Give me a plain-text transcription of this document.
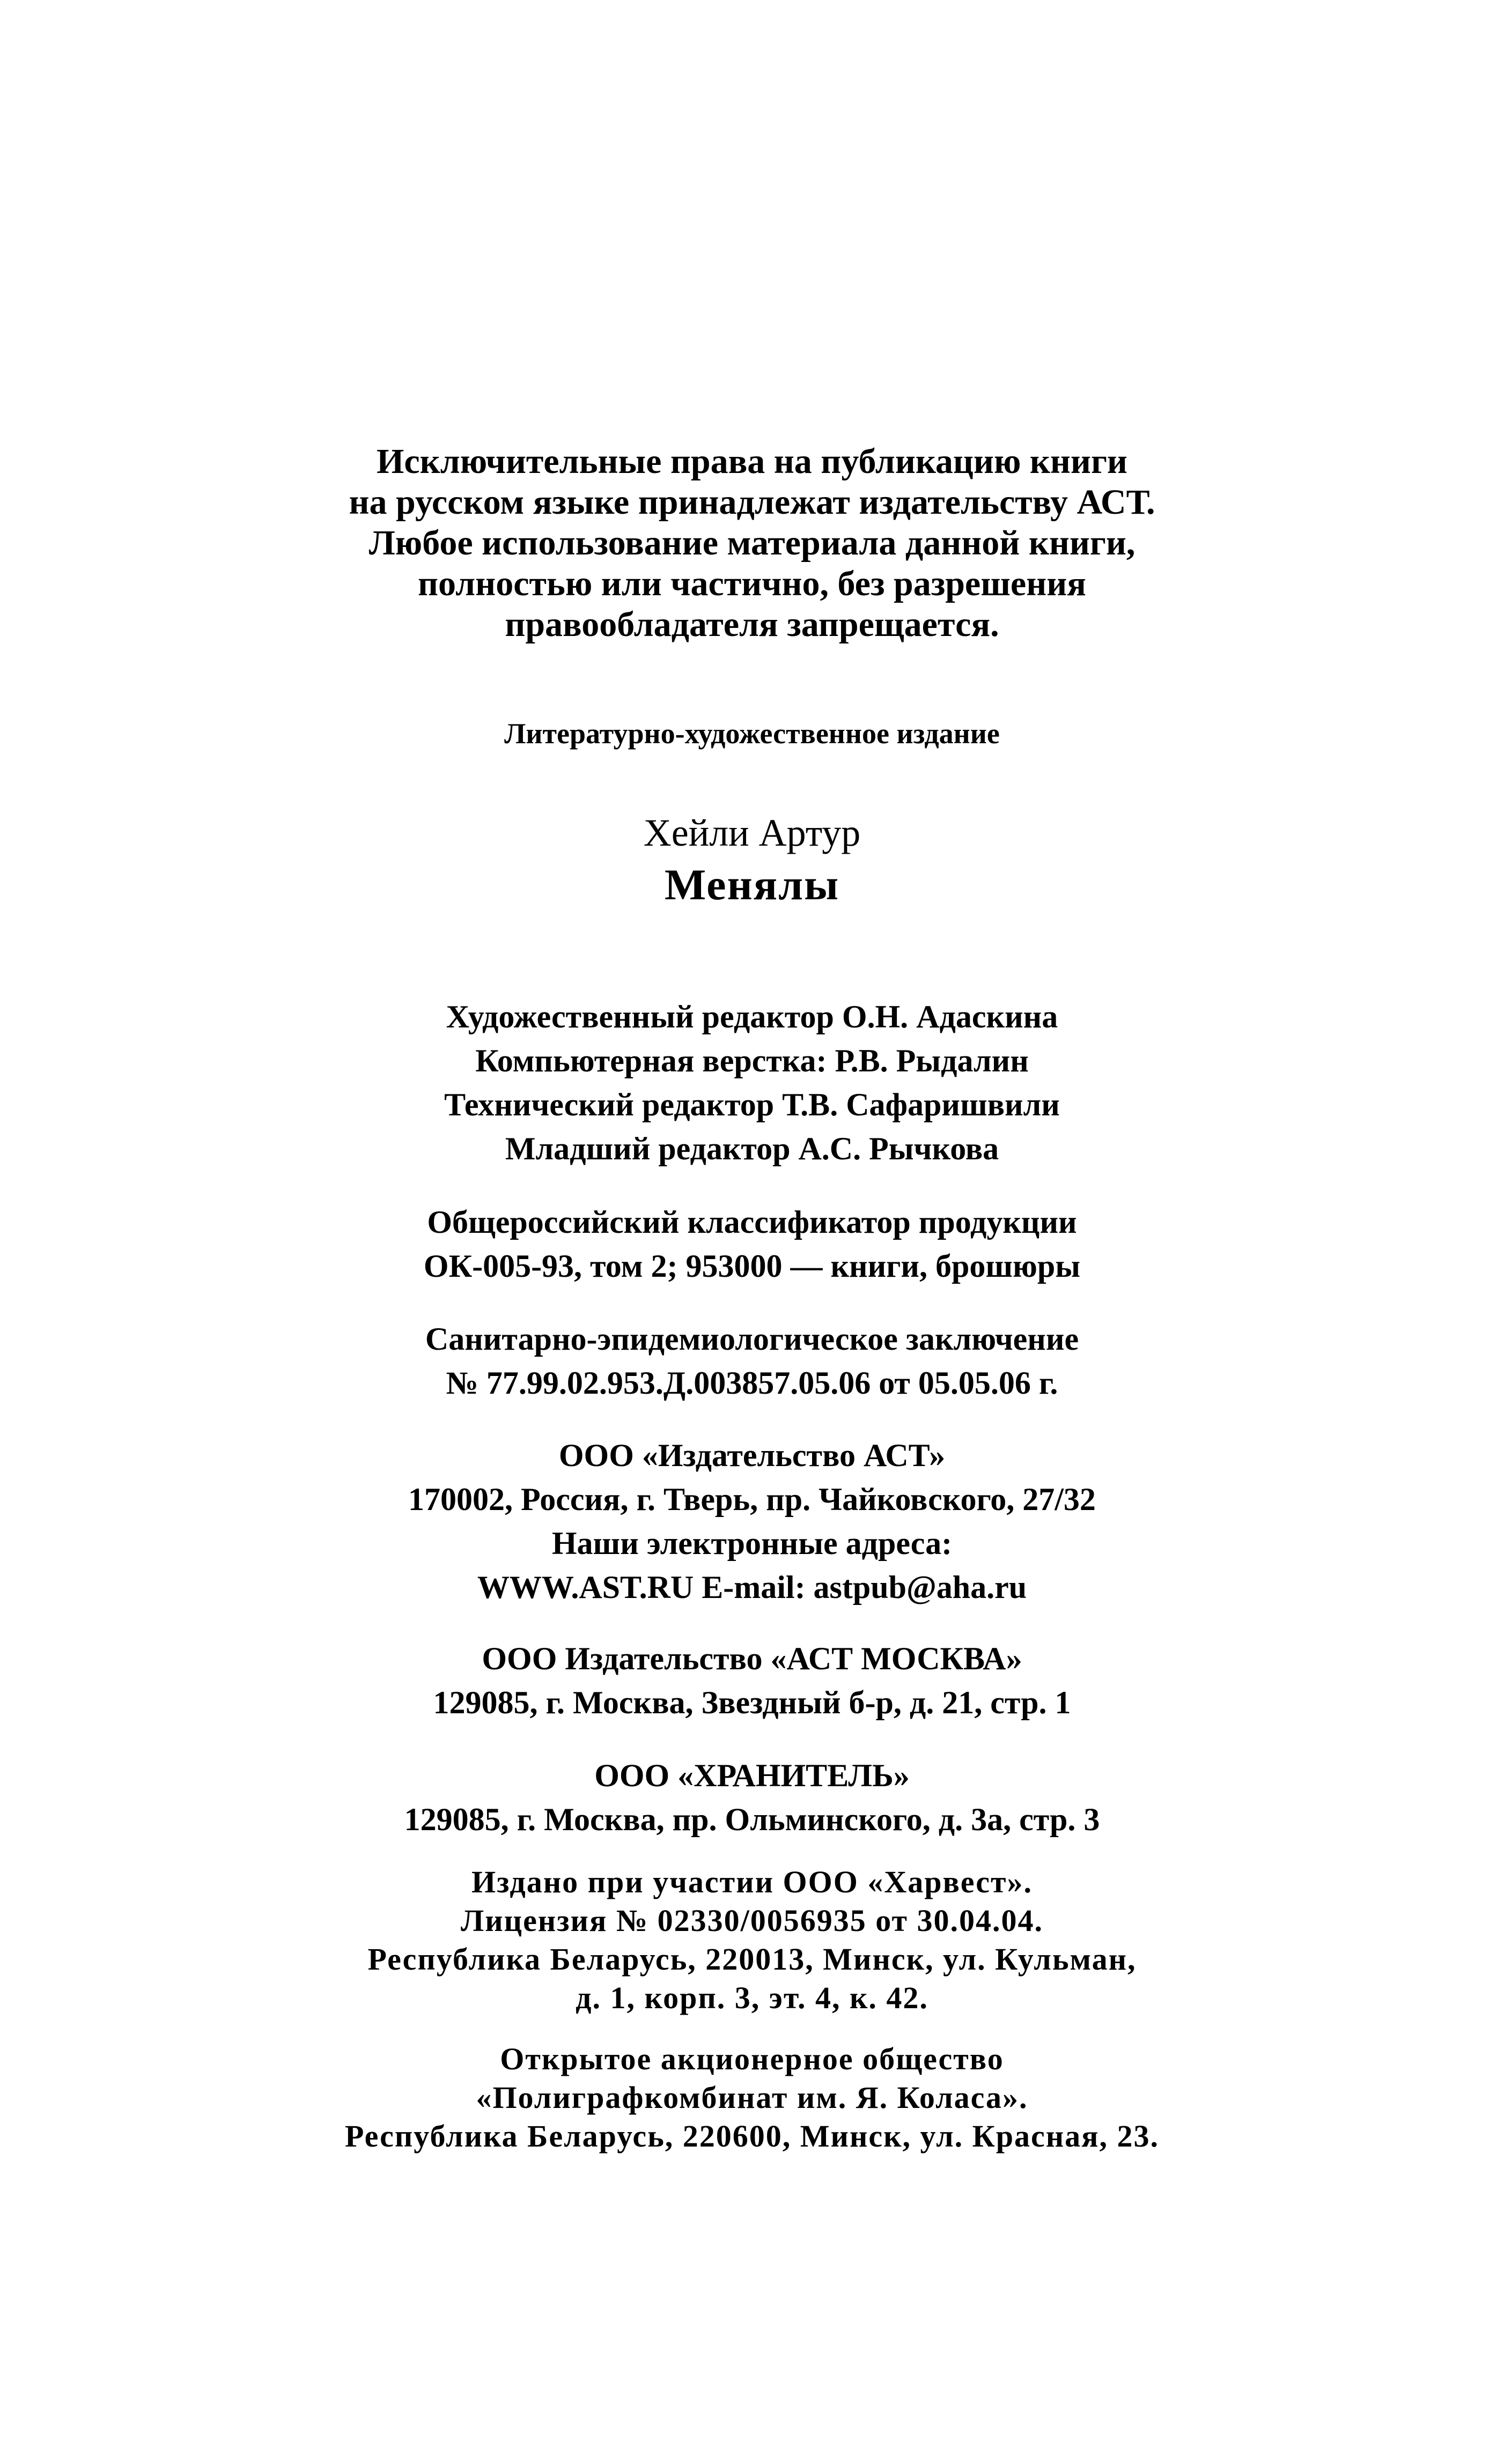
Исключительные права на публикацию книги
на русском языке принадлежат издательству АСТ.
Любое использование материала данной книги,
полностью или частично, без разрешения
правообладателя запрещается.
Литературно-художественное издание
Хейли Артур
Менялы
Художественный редактор О.Н. Адаскина
Компьютерная верстка: Р.В. Рыдалин
Технический редактор Т.В. Сафаришвили
Младший редактор А.С. Рычкова
Общероссийский классификатор продукции
ОК-005-93, том 2; 953000 — книги, брошюры
Санитарно-эпидемиологическое заключение
№ 77.99.02.953.Д.003857.05.06 от 05.05.06 г.
ООО «Издательство АСТ»
170002, Россия, г. Тверь, пр. Чайковского, 27/32
Наши электронные адреса:
WWW.AST.RU E-mail: astpub@aha.ru
ООО Издательство «АСТ МОСКВА»
129085, г. Москва, Звездный б-р, д. 21, стр. 1
ООО «ХРАНИТЕЛЬ»
129085, г. Москва, пр. Ольминского, д. 3а, стр. 3
Издано при участии ООО «Харвест».
Лицензия № 02330/0056935 от 30.04.04.
Республика Беларусь, 220013, Минск, ул. Кульман,
д. 1, корп. 3, эт. 4, к. 42.
Открытое акционерное общество
«Полиграфкомбинат им. Я. Коласа».
Республика Беларусь, 220600, Минск, ул. Красная, 23.
